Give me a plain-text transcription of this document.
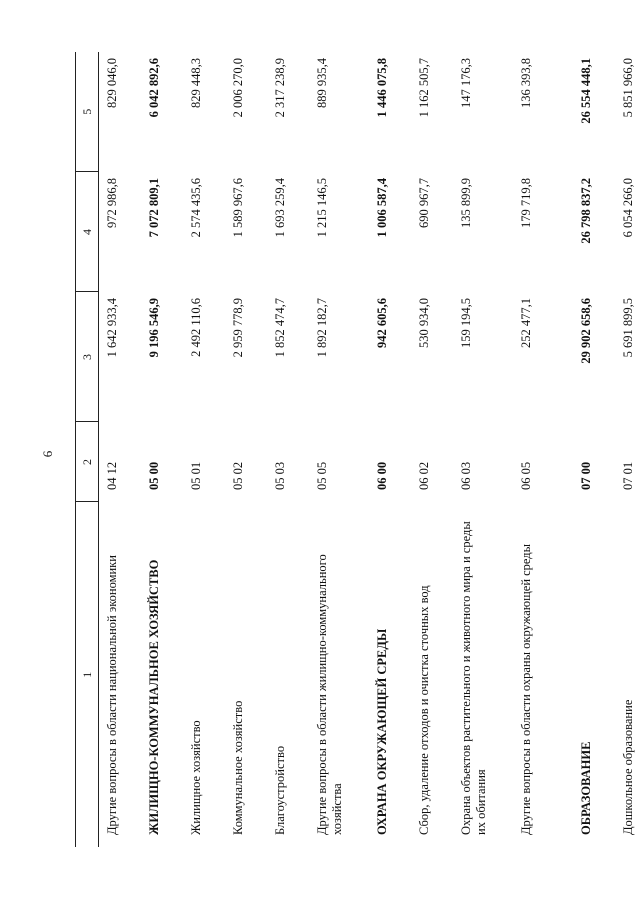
6
1	2	3	4	5
Другие вопросы в области национальной экономики	04 12	1 642 933,4	972 986,8	829 046,0
ЖИЛИЩНО-КОММУНАЛЬНОЕ ХОЗЯЙСТВО	05 00	9 196 546,9	7 072 809,1	6 042 892,6
Жилищное хозяйство	05 01	2 492 110,6	2 574 435,6	829 448,3
Коммунальное хозяйство	05 02	2 959 778,9	1 589 967,6	2 006 270,0
Благоустройство	05 03	1 852 474,7	1 693 259,4	2 317 238,9
Другие вопросы в области жилищно-коммунального хозяйства	05 05	1 892 182,7	1 215 146,5	889 935,4
ОХРАНА ОКРУЖАЮЩЕЙ СРЕДЫ	06 00	942 605,6	1 006 587,4	1 446 075,8
Сбор, удаление отходов и очистка сточных вод	06 02	530 934,0	690 967,7	1 162 505,7
Охрана объектов растительного и животного мира и среды их обитания	06 03	159 194,5	135 899,9	147 176,3
Другие вопросы в области охраны окружающей среды	06 05	252 477,1	179 719,8	136 393,8
ОБРАЗОВАНИЕ	07 00	29 902 658,6	26 798 837,2	26 554 448,1
Дошкольное образование	07 01	5 691 899,5	6 054 266,0	5 851 966,0
